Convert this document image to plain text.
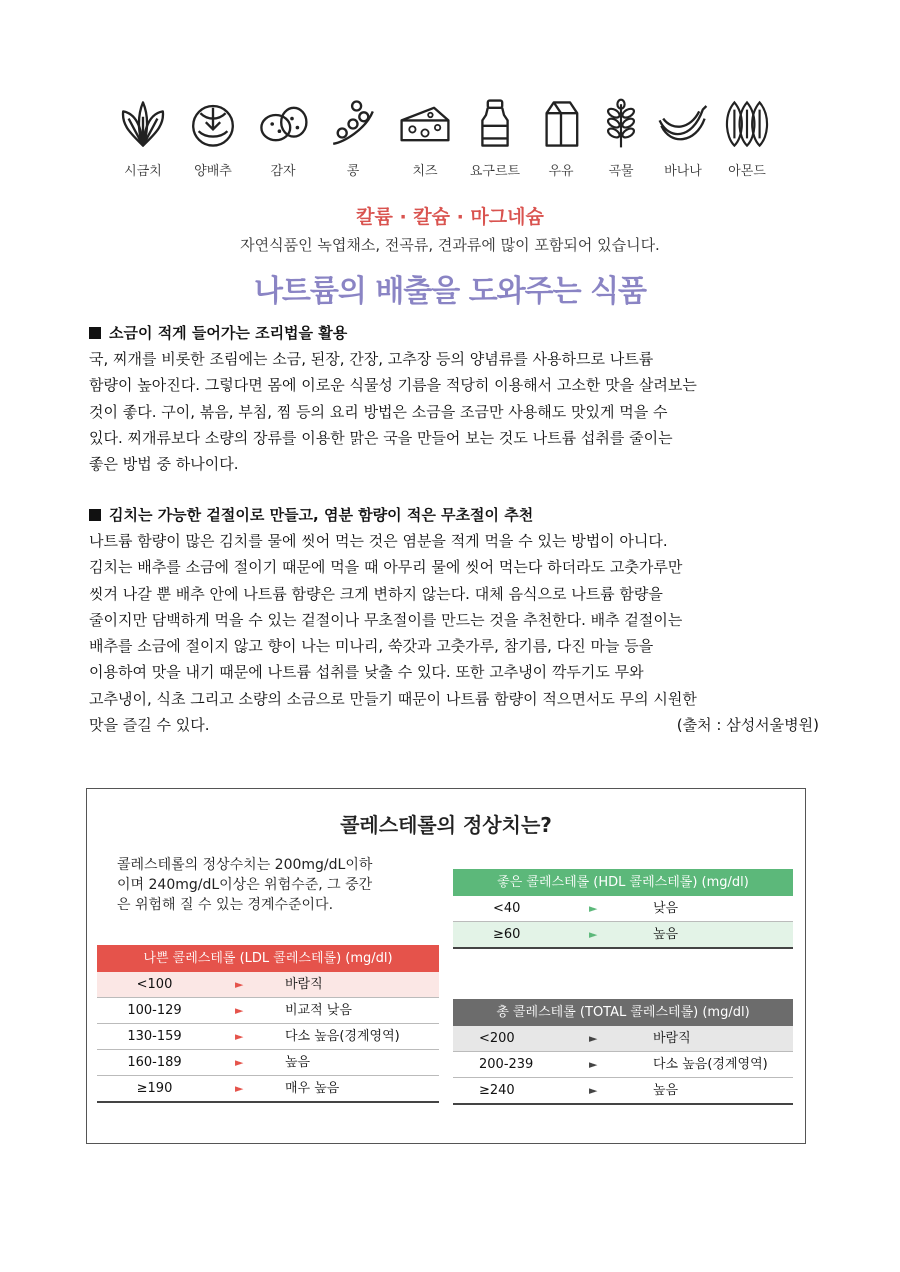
시금치	양배추	감자	콩	치즈	요구르트	우유	곡물	바나나	아몬드
칼륨 · 칼슘 · 마그네슘
자연식품인 녹엽채소, 전곡류, 견과류에 많이 포함되어 있습니다.
나트륨의 배출을 도와주는 식품
소금이 적게 들어가는 조리법을 활용
국, 찌개를 비롯한 조림에는 소금, 된장, 간장, 고추장 등의 양념류를 사용하므로 나트륨
함량이 높아진다. 그렇다면 몸에 이로운 식물성 기름을 적당히 이용해서 고소한 맛을 살려보는
것이 좋다. 구이, 볶음, 부침, 찜 등의 요리 방법은 소금을 조금만 사용해도 맛있게 먹을 수
있다. 찌개류보다 소량의 장류를 이용한 맑은 국을 만들어 보는 것도 나트륨 섭취를 줄이는
좋은 방법 중 하나이다.
김치는 가능한 겉절이로 만들고, 염분 함량이 적은 무초절이 추천
나트륨 함량이 많은 김치를 물에 씻어 먹는 것은 염분을 적게 먹을 수 있는 방법이 아니다.
김치는 배추를 소금에 절이기 때문에 먹을 때 아무리 물에 씻어 먹는다 하더라도 고춧가루만
씻겨 나갈 뿐 배추 안에 나트륨 함량은 크게 변하지 않는다. 대체 음식으로 나트륨 함량을
줄이지만 담백하게 먹을 수 있는 겉절이나 무초절이를 만드는 것을 추천한다. 배추 겉절이는
배추를 소금에 절이지 않고 향이 나는 미나리, 쑥갓과 고춧가루, 참기름, 다진 마늘 등을
이용하여 맛을 내기 때문에 나트륨 섭취를 낮출 수 있다. 또한 고추냉이 깍두기도 무와
고추냉이, 식초 그리고 소량의 소금으로 만들기 때문이 나트륨 함량이 적으면서도 무의 시원한
맛을 즐길 수 있다.	(출처 : 삼성서울병원)
콜레스테롤의 정상치는?
콜레스테롤의 정상수치는 200mg/dL이하
이며 240mg/dL이상은 위험수준, 그 중간
은 위험해 질 수 있는 경계수준이다.
나쁜 콜레스테롤 (LDL 콜레스테롤) (mg/dl)
<100	►	바람직
100-129	►	비교적 낮음
130-159	►	다소 높음(경계영역)
160-189	►	높음
≥190	►	매우 높음
좋은 콜레스테롤 (HDL 콜레스테롤) (mg/dl)
<40	►	낮음
≥60	►	높음
총 콜레스테롤 (TOTAL 콜레스테롤) (mg/dl)
<200	►	바람직
200-239	►	다소 높음(경계영역)
≥240	►	높음
